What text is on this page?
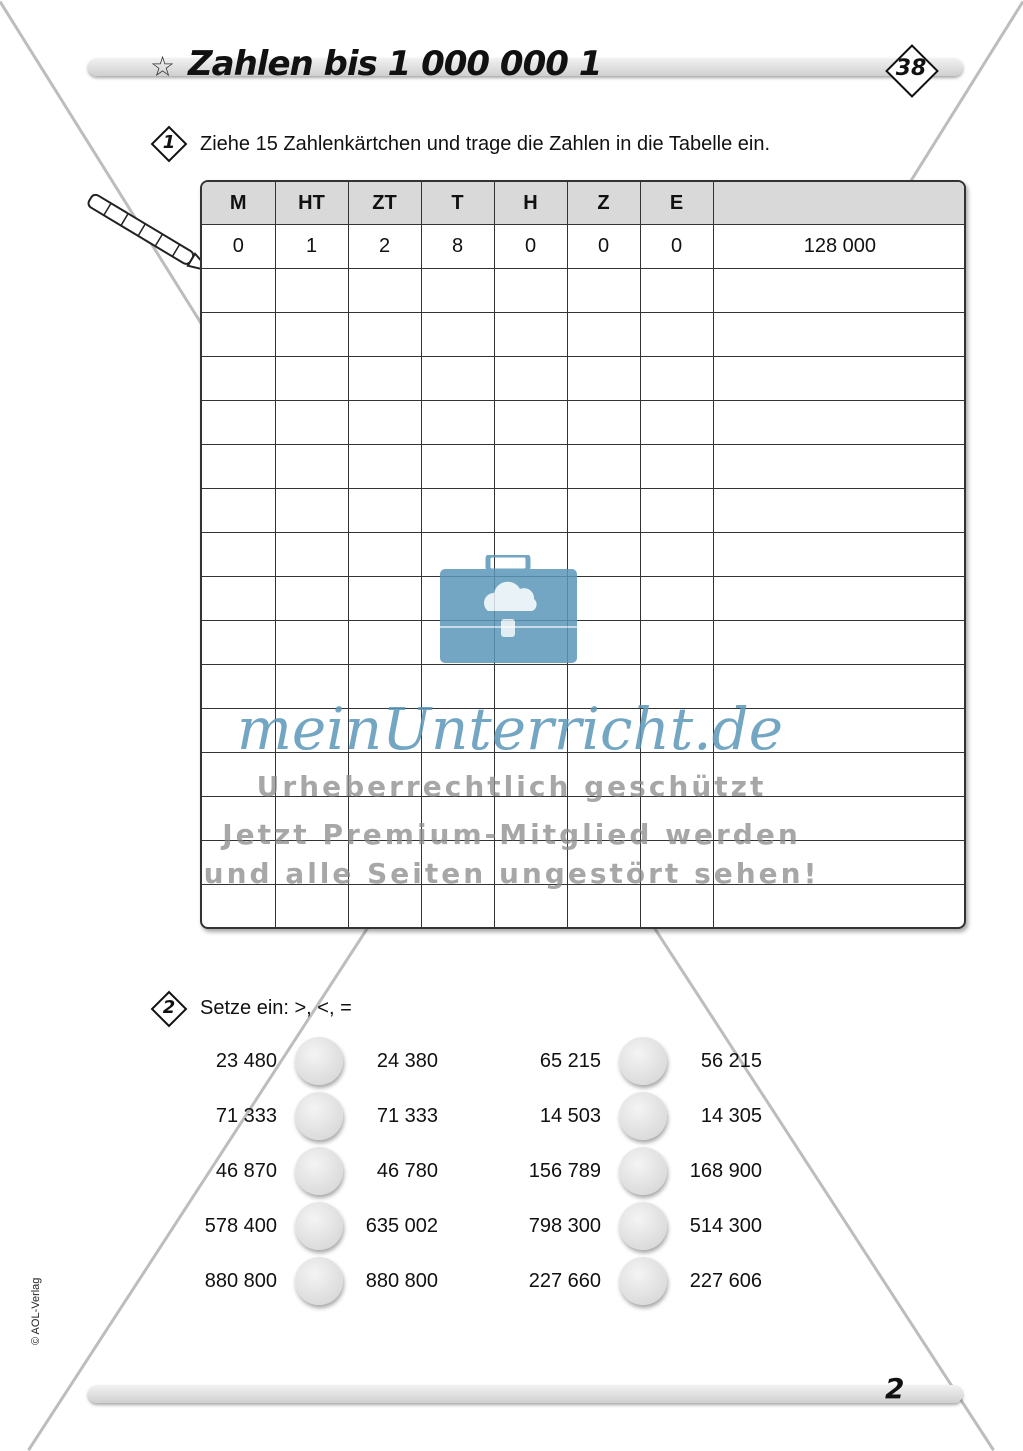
☆ Zahlen bis 1 000 000 1	38
1 Ziehe 15 Zahlenkärtchen und trage die Zahlen in die Tabelle ein.
M	HT	ZT	T	H	Z	E	
0	1	2	8	0	0	0	128 000

2 Setze ein: >, <, =
23 480	24 380
71 333	71 333
46 870	46 780
578 400	635 002
880 800	880 800
65 215	56 215
14 503	14 305
156 789	168 900
798 300	514 300
227 660	227 606
meinUnterricht.de
Urheberrechtlich geschützt
Jetzt Premium-Mitglied werden
und alle Seiten ungestört sehen!
© AOL-Verlag
2
